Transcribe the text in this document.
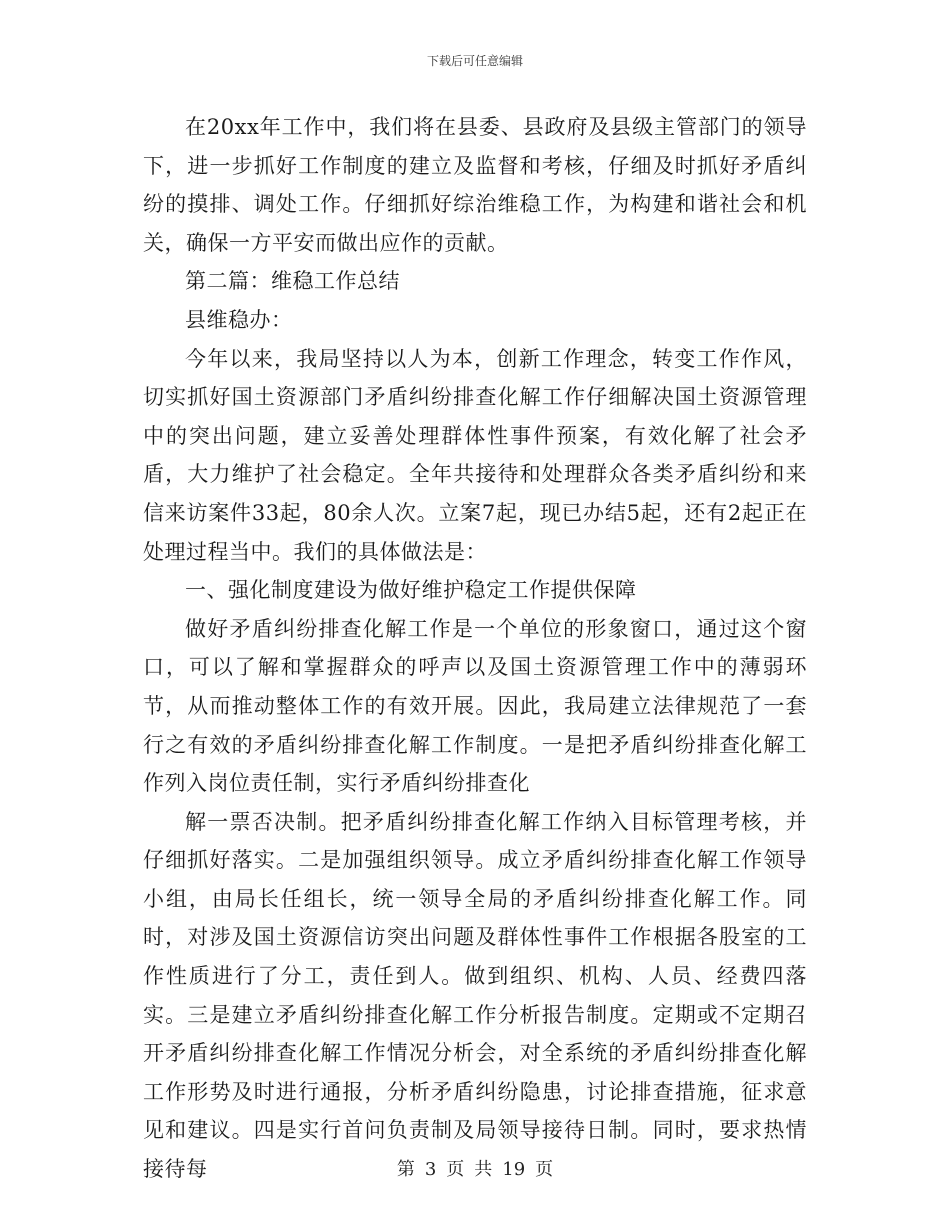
下载后可任意编辑

在20xx年工作中，我们将在县委、县政府及县级主管部门的领导下，进一步抓好工作制度的建立及监督和考核，仔细及时抓好矛盾纠纷的摸排、调处工作。仔细抓好综治维稳工作，为构建和谐社会和机关，确保一方平安而做出应作的贡献。

第二篇：维稳工作总结

县维稳办：

今年以来，我局坚持以人为本，创新工作理念，转变工作作风，切实抓好国土资源部门矛盾纠纷排查化解工作仔细解决国土资源管理中的突出问题，建立妥善处理群体性事件预案，有效化解了社会矛盾，大力维护了社会稳定。全年共接待和处理群众各类矛盾纠纷和来信来访案件33起，80余人次。立案7起，现已办结5起，还有2起正在处理过程当中。我们的具体做法是：

一、强化制度建设为做好维护稳定工作提供保障

做好矛盾纠纷排查化解工作是一个单位的形象窗口，通过这个窗口，可以了解和掌握群众的呼声以及国土资源管理工作中的薄弱环节，从而推动整体工作的有效开展。因此，我局建立法律规范了一套行之有效的矛盾纠纷排查化解工作制度。一是把矛盾纠纷排查化解工作列入岗位责任制，实行矛盾纠纷排查化

解一票否决制。把矛盾纠纷排查化解工作纳入目标管理考核，并仔细抓好落实。二是加强组织领导。成立矛盾纠纷排查化解工作领导小组，由局长任组长，统一领导全局的矛盾纠纷排查化解工作。同时，对涉及国土资源信访突出问题及群体性事件工作根据各股室的工作性质进行了分工，责任到人。做到组织、机构、人员、经费四落实。三是建立矛盾纠纷排查化解工作分析报告制度。定期或不定期召开矛盾纠纷排查化解工作情况分析会，对全系统的矛盾纠纷排查化解工作形势及时进行通报，分析矛盾纠纷隐患，讨论排查措施，征求意见和建议。四是实行首问负责制及局领导接待日制。同时，要求热情接待每	第 3 页 共 19 页
